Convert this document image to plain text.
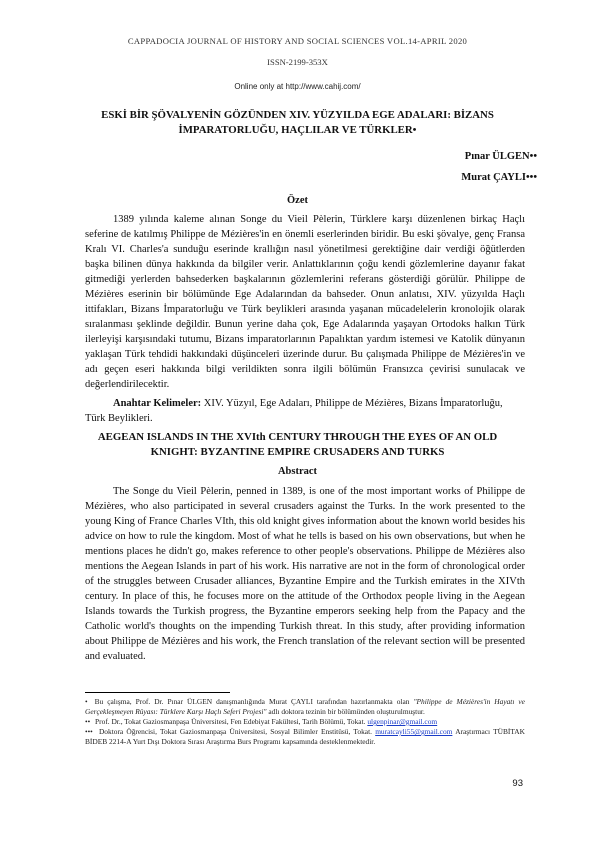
CAPPADOCIA JOURNAL OF HISTORY AND SOCIAL SCIENCES VOL.14-APRIL 2020
ISSN-2199-353X
Online only at http://www.cahij.com/
ESKİ BİR ŞÖVALYENİN GÖZÜNDEN XIV. YÜZYILDA EGE ADALARI: BİZANS İMPARATORLUĞU, HAÇLILAR VE TÜRKLER•
Pınar ÜLGEN••
Murat ÇAYLI•••
Özet
1389 yılında kaleme alınan Songe du Vieil Pèlerin, Türklere karşı düzenlenen birkaç Haçlı seferine de katılmış Philippe de Mézières'in en önemli eserlerinden biridir. Bu eski şövalye, genç Fransa Kralı VI. Charles'a sunduğu eserinde krallığın nasıl yönetilmesi gerektiğine dair verdiği öğütlerden başka bilinen dünya hakkında da bilgiler verir. Anlattıklarının çoğu kendi gözlemlerine dayanır fakat gitmediği yerlerden bahsederken başkalarının gözlemlerini referans gösterdiği görülür. Philippe de Mézières eserinin bir bölümünde Ege Adalarından da bahseder. Onun anlatısı, XIV. yüzyılda Haçlı ittifakları, Bizans İmparatorluğu ve Türk beylikleri arasında yaşanan mücadelelerin kronolojik olarak sıralanması şeklinde değildir. Bunun yerine daha çok, Ege Adalarında yaşayan Ortodoks halkın Türk ilerleyişi karşısındaki tutumu, Bizans imparatorlarının Papalıktan yardım istemesi ve Katolik dünyanın yaklaşan Türk tehdidi hakkındaki düşünceleri üzerinde durur. Bu çalışmada Philippe de Mézières'in ve adı geçen eseri hakkında bilgi verildikten sonra ilgili bölümün Fransızca çevirisi sunulacak ve değerlendirilecektir.
Anahtar Kelimeler: XIV. Yüzyıl, Ege Adaları, Philippe de Mézières, Bizans İmparatorluğu, Türk Beylikleri.
AEGEAN ISLANDS IN THE XVIth CENTURY THROUGH THE EYES OF AN OLD KNIGHT: BYZANTINE EMPIRE CRUSADERS AND TURKS
Abstract
The Songe du Vieil Pèlerin, penned in 1389, is one of the most important works of Philippe de Mézières, who also participated in several crusaders against the Turks. In the work presented to the young King of France Charles VIth, this old knight gives information about the known world besides his advice on how to rule the kingdom. Most of what he tells is based on his own observations, but when he mentions places he didn't go, makes reference to other people's observations. Philippe de Mézières also mentions the Aegean Islands in part of his work. His narrative are not in the form of chronological order of the struggles between Crusader alliances, Byzantine Empire and the Turkish emirates in the XIVth century. In place of this, he focuses more on the attitude of the Orthodox people living in the Aegean Islands towards the Turkish progress, the Byzantine emperors seeking help from the Papacy and the Catholic world's thoughts on the impending Turkish threat. In this study, after providing information about Philippe de Mézières and his work, the French translation of the relevant section will be presented and evaluated.

• Bu çalışma, Prof. Dr. Pınar ÜLGEN danışmanlığında Murat ÇAYLI tarafından hazırlanmakta olan "Philippe de Mézières'in Hayatı ve Gerçekleşmeyen Rüyası: Türklere Karşı Haçlı Seferi Projesi" adlı doktora tezinin bir bölümünden oluşturulmuştur.

•• Prof. Dr., Tokat Gaziosmanpaşa Üniversitesi, Fen Edebiyat Fakültesi, Tarih Bölümü, Tokat. ulgenpinar@gmail.com

••• Doktora Öğrencisi, Tokat Gaziosmanpaşa Üniversitesi, Sosyal Bilimler Enstitüsü, Tokat. muratcayli55@gmail.com Araştırmacı TÜBİTAK BİDEB 2214-A Yurt Dışı Doktora Sırası Araştırma Burs Programı kapsamında desteklenmektedir.

93
